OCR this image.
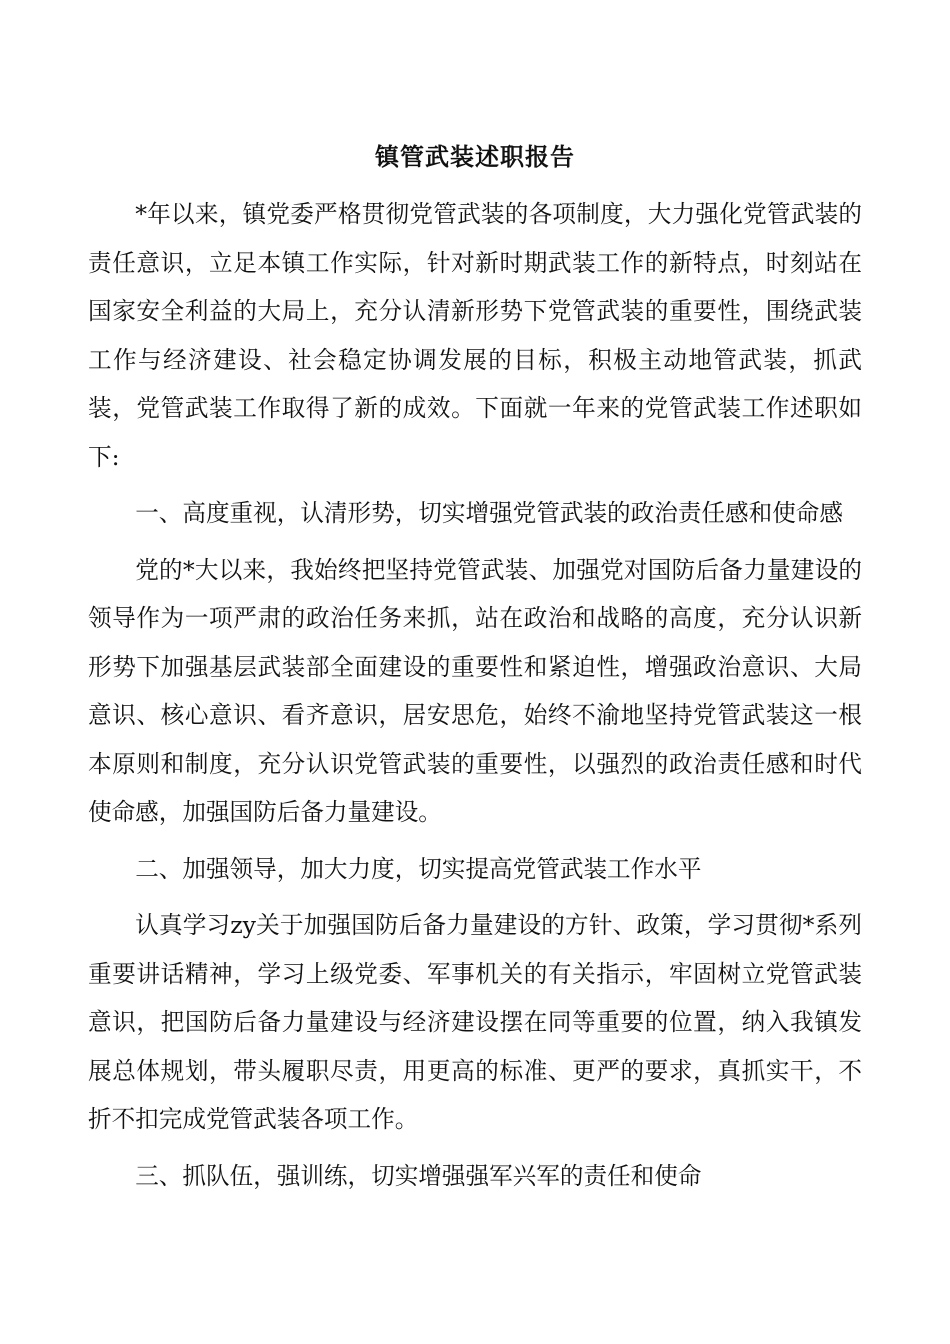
镇管武装述职报告

*年以来，镇党委严格贯彻党管武装的各项制度，大力强化党管武装的责任意识，立足本镇工作实际，针对新时期武装工作的新特点，时刻站在国家安全利益的大局上，充分认清新形势下党管武装的重要性，围绕武装工作与经济建设、社会稳定协调发展的目标，积极主动地管武装，抓武装，党管武装工作取得了新的成效。下面就一年来的党管武装工作述职如下:

一、高度重视，认清形势，切实增强党管武装的政治责任感和使命感

党的*大以来，我始终把坚持党管武装、加强党对国防后备力量建设的领导作为一项严肃的政治任务来抓，站在政治和战略的高度，充分认识新形势下加强基层武装部全面建设的重要性和紧迫性，增强政治意识、大局意识、核心意识、看齐意识，居安思危，始终不渝地坚持党管武装这一根本原则和制度，充分认识党管武装的重要性，以强烈的政治责任感和时代使命感，加强国防后备力量建设。

二、加强领导，加大力度，切实提高党管武装工作水平

认真学习zy关于加强国防后备力量建设的方针、政策，学习贯彻*系列重要讲话精神，学习上级党委、军事机关的有关指示，牢固树立党管武装意识，把国防后备力量建设与经济建设摆在同等重要的位置，纳入我镇发展总体规划，带头履职尽责，用更高的标准、更严的要求，真抓实干，不折不扣完成党管武装各项工作。

三、抓队伍，强训练，切实增强强军兴军的责任和使命
